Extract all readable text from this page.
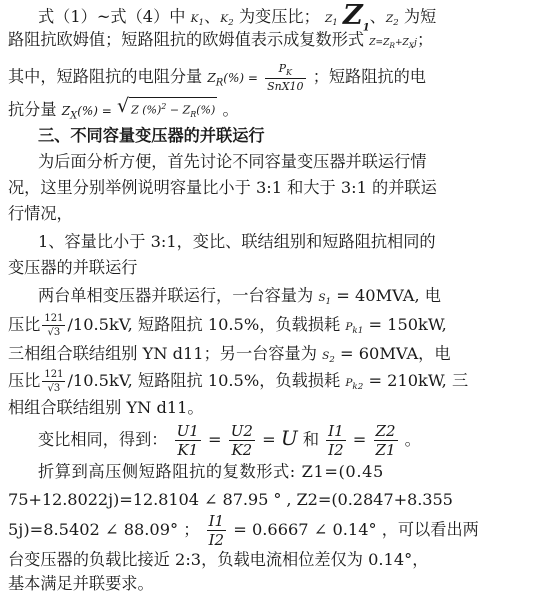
式（1）~式（4）中 $K_1$、$K_2$ 为变压比； $Z_1$ $Z_1$、$Z_2$ 为短
路阻抗欧姆值；短路阻抗的欧姆值表示成复数形式 $Z=Z_R+Z_Xj$；
其中，短路阻抗的电阻分量 $Z_R(\%) = \frac{P_K}{\text{SnX10}}$ ；短路阻抗的电
抗分量 $Z_X(\%)$ = √ Z $(\%)^2 - Z_R(\%)$ 。
三、不同容量变压器的并联运行
为后面分析方便，首先讨论不同容量变压器并联运行情
况，这里分别举例说明容量比小于 3:1 和大于 3:1 的并联运
行情况，
1、容量比小于 3:1，变比、联结组别和短路阻抗相同的
变压器的并联运行
两台单相变压器并联运行，一台容量为 $S_1 = 40MVA$, 电
压比 $\frac{121}{√3} /10.5kV$, 短路阻抗 10.5%，负载损耗 $P_{k1} = 150kW$,
三相组合联结组别 YN d11；另一台容量为 $S_2 = 60MVA$，电
压比 $\frac{121}{√3} /10.5kV$, 短路阻抗 10.5%，负载损耗 $P_{k2} = 210kW$, 三
相组合联结组别 YN d11。
变比相同，得到： $\frac{U1}{K1} = \frac{U2}{K2} = U$ 和 $\frac{I1}{I2} = \frac{Z2}{Z1}$ 。
折算到高压侧短路阻抗的复数形式: Z1=(0.45
75+12.8022j)=12.8104 ∠ 87.95 ° , Z2=(0.2847+8.355
5j)=8.5402 ∠ 88.09° ； $\frac{I1}{I2} = 0.6667$ ∠ 0.14° ，可以看出两
台变压器的负载比接近 2:3，负载电流相位差仅为 0.14°，
基本满足并联要求。
